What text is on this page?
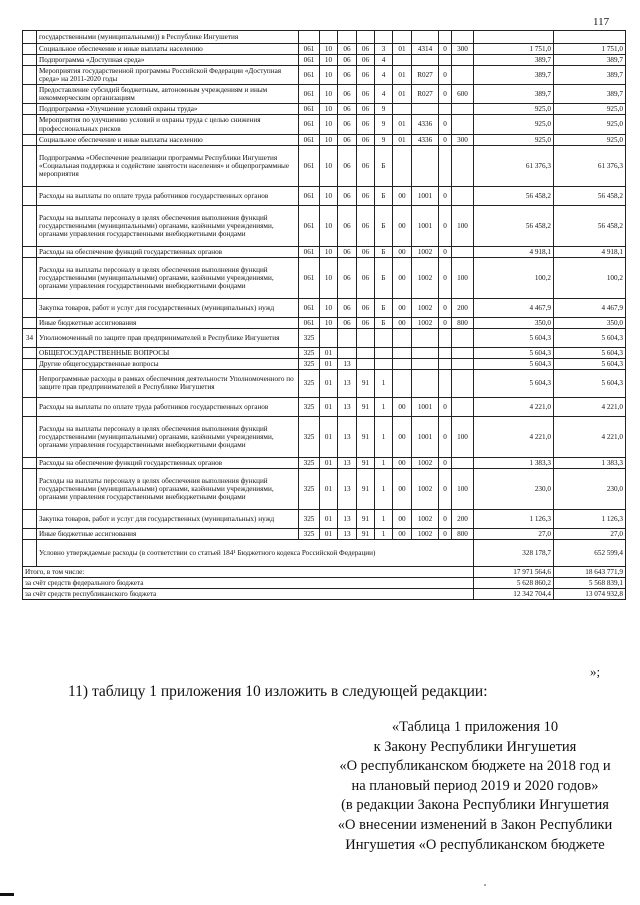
117
	государственными (муниципальными)) в Республике Ингушетия											
	Социальное обеспечение и иные выплаты населению	061	10	06	06	3	01	4314	0	300	1 751,0	1 751,0
	Подпрограмма «Доступная среда»	061	10	06	06	4					389,7	389,7
	Мероприятия государственной программы Российской Федерации «Доступная среда» на 2011-2020 годы	061	10	06	06	4	01	R027	0		389,7	389,7
	Предоставление субсидий бюджетным, автономным учреждениям и иным некоммерческим организациям	061	10	06	06	4	01	R027	0	600	389,7	389,7
	Подпрограмма «Улучшение условий охраны труда»	061	10	06	06	9					925,0	925,0
	Мероприятия по улучшению условий и охраны труда с целью снижения профессиональных рисков	061	10	06	06	9	01	4336	0		925,0	925,0
	Социальное обеспечение и иные выплаты населению	061	10	06	06	9	01	4336	0	300	925,0	925,0
	Подпрограмма «Обеспечение реализации программы Республики Ингушетия «Социальная поддержка и содействие занятости населения» и общепрограммные мероприятия	061	10	06	06	Б					61 376,3	61 376,3
	Расходы на выплаты по оплате труда работников государственных органов	061	10	06	06	Б	00	1001	0		56 458,2	56 458,2
	Расходы на выплаты персоналу в целях обеспечения выполнения функций государственными (муниципальными) органами, казёнными учреждениями, органами управления государственными внебюджетными фондами	061	10	06	06	Б	00	1001	0	100	56 458,2	56 458,2
	Расходы на обеспечение функций государственных органов	061	10	06	06	Б	00	1002	0		4 918,1	4 918,1
	Расходы на выплаты персоналу в целях обеспечения выполнения функций государственными (муниципальными) органами, казёнными учреждениями, органами управления государственными внебюджетными фондами	061	10	06	06	Б	00	1002	0	100	100,2	100,2
	Закупка товаров, работ и услуг для государственных (муниципальных) нужд	061	10	06	06	Б	00	1002	0	200	4 467,9	4 467,9
	Иные бюджетные ассигнования	061	10	06	06	Б	00	1002	0	800	350,0	350,0
34	Уполномоченный по защите прав предпринимателей в Республике Ингушетия	325									5 604,3	5 604,3
	ОБЩЕГОСУДАРСТВЕННЫЕ ВОПРОСЫ	325	01								5 604,3	5 604,3
	Другие общегосударственные вопросы	325	01	13							5 604,3	5 604,3
	Непрограммные расходы в рамках обеспечения деятельности Уполномоченного по защите прав предпринимателей в Республике Ингушетия	325	01	13	91	1					5 604,3	5 604,3
	Расходы на выплаты по оплате труда работников государственных органов	325	01	13	91	1	00	1001	0		4 221,0	4 221,0
	Расходы на выплаты персоналу в целях обеспечения выполнения функций государственными (муниципальными) органами, казёнными учреждениями, органами управления государственными внебюджетными фондами	325	01	13	91	1	00	1001	0	100	4 221,0	4 221,0
	Расходы на обеспечение функций государственных органов	325	01	13	91	1	00	1002	0		1 383,3	1 383,3
	Расходы на выплаты персоналу в целях обеспечения выполнения функций государственными (муниципальными) органами, казёнными учреждениями, органами управления государственными внебюджетными фондами	325	01	13	91	1	00	1002	0	100	230,0	230,0
	Закупка товаров, работ и услуг для государственных (муниципальных) нужд	325	01	13	91	1	00	1002	0	200	1 126,3	1 126,3
	Иные бюджетные ассигнования	325	01	13	91	1	00	1002	0	800	27,0	27,0
	Условно утверждаемые расходы (в соответствии со статьей 184¹ Бюджетного кодекса Российской Федерации)										328 178,7	652 599,4
Итого, в том числе:											17 971 564,6	18 643 771,9
за счёт средств федерального бюджета											5 628 860,2	5 568 839,1
за счёт средств республиканского бюджета											12 342 704,4	13 074 932,8
»;
11) таблицу 1 приложения 10 изложить в следующей редакции:
«Таблица 1 приложения 10
к Закону Республики Ингушетия
«О республиканском бюджете на 2018 год и
на плановый период 2019 и 2020 годов»
(в редакции Закона Республики Ингушетия
«О внесении изменений в Закон Республики
Ингушетия «О республиканском бюджете
